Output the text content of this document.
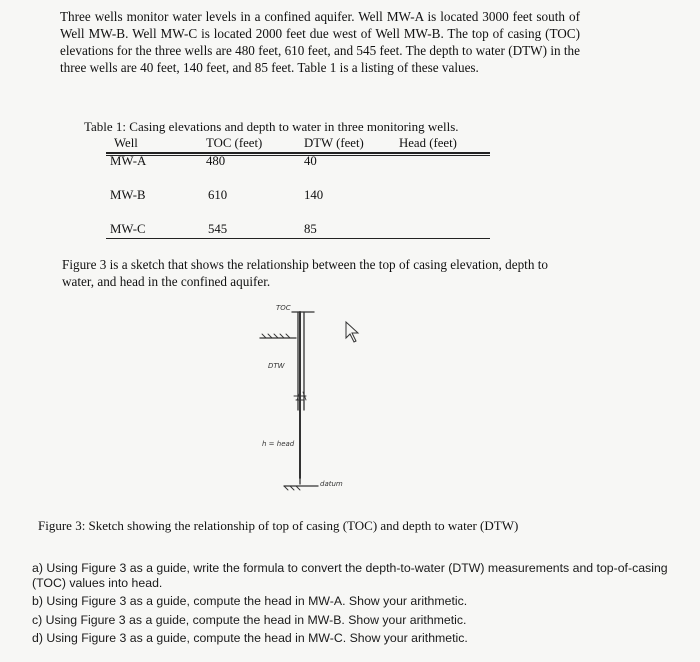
Three wells monitor water levels in a confined aquifer. Well MW-A is located 3000 feet south of Well MW-B. Well MW-C is located 2000 feet due west of Well MW-B. The top of casing (TOC) elevations for the three wells are 480 feet, 610 feet, and 545 feet. The depth to water (DTW) in the three wells are 40 feet, 140 feet, and 85 feet. Table 1 is a listing of these values.

Table 1: Casing elevations and depth to water in three monitoring wells.
Well	TOC (feet)	DTW (feet)	Head (feet)
MW-A	480	40
MW-B	610	140
MW-C	545	85

Figure 3 is a sketch that shows the relationship between the top of casing elevation, depth to water, and head in the confined aquifer.

TOC
DTW
h = head
datum
Figure 3: Sketch showing the relationship of top of casing (TOC) and depth to water (DTW)
a) Using Figure 3 as a guide, write the formula to convert the depth-to-water (DTW) measurements and top-of-casing (TOC) values into head.
b) Using Figure 3 as a guide, compute the head in MW-A. Show your arithmetic.
c) Using Figure 3 as a guide, compute the head in MW-B. Show your arithmetic.
d) Using Figure 3 as a guide, compute the head in MW-C. Show your arithmetic.
